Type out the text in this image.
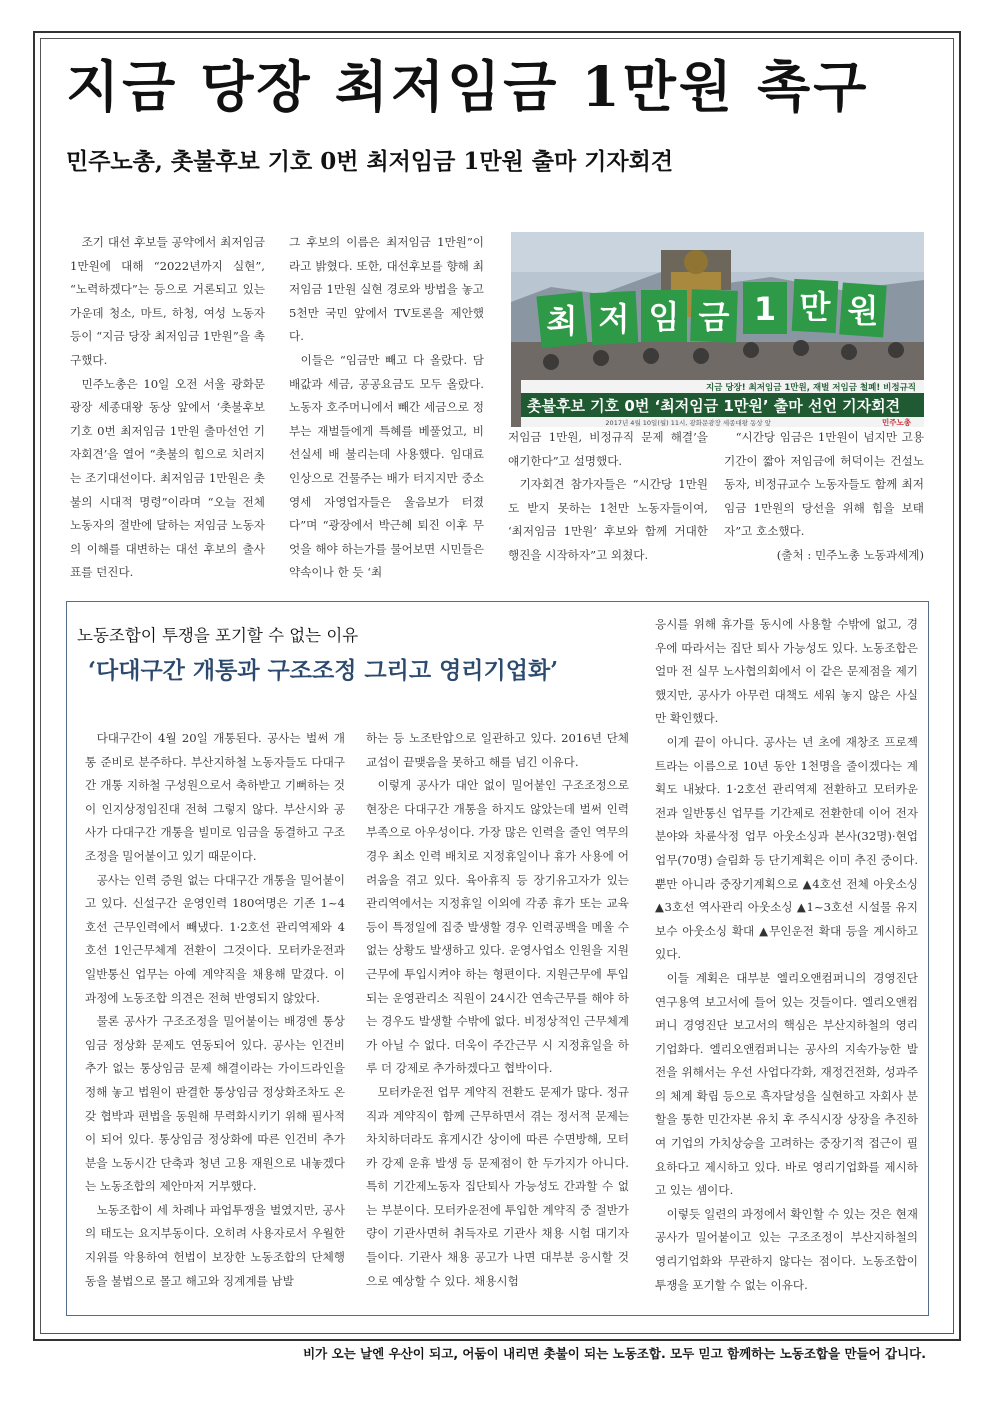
지금 당장 최저임금 1만원 촉구
민주노총, 촛불후보 기호 0번 최저임금 1만원 출마 기자회견

조기 대선 후보들 공약에서 최저임금 1만원에 대해 “2022년까지 실현”, “노력하겠다”는 등으로 거론되고 있는 가운데 청소, 마트, 하청, 여성 노동자 등이 “지금 당장 최저임금 1만원”을 촉구했다.

민주노총은 10일 오전 서울 광화문광장 세종대왕 동상 앞에서 ‘촛불후보 기호 0번 최저임금 1만원 출마선언 기자회견’을 열어 “촛불의 힘으로 치러지는 조기대선이다. 최저임금 1만원은 촛불의 시대적 명령”이라며 “오늘 전체 노동자의 절반에 달하는 저임금 노동자의 이해를 대변하는 대선 후보의 출사표를 던진다.

그 후보의 이름은 최저임금 1만원”이라고 밝혔다. 또한, 대선후보를 향해 최저임금 1만원 실현 경로와 방법을 놓고 5천만 국민 앞에서 TV토론을 제안했다.

이들은 “임금만 빼고 다 올랐다. 담배값과 세금, 공공요금도 모두 올랐다. 노동자 호주머니에서 빼간 세금으로 정부는 재벌들에게 특혜를 베풀었고, 비선실세 배 불리는데 사용했다. 임대료 인상으로 건물주는 배가 터지지만 중소영세 자영업자들은 울음보가 터졌다”며 “광장에서 박근혜 퇴진 이후 무엇을 해야 하는가를 물어보면 시민들은 약속이나 한 듯 ‘최

저임금 1만원, 비정규직 문제 해결’을 얘기한다”고 설명했다.

기자회견 참가자들은 “시간당 1만원도 받지 못하는 1천만 노동자들이여, ‘최저임금 1만원’ 후보와 함께 거대한 행진을 시작하자”고 외쳤다.

“시간당 임금은 1만원이 넘지만 고용기간이 짧아 저임금에 허덕이는 건설노동자, 비정규교수 노동자들도 함께 최저임금 1만원의 당선을 위해 힘을 보태자”고 호소했다.

(출처 : 민주노총 노동과세계)

최 저 임 금 1 만 원
지금 당장! 최저임금 1만원, 재벌 저임금 철폐! 비정규직
촛불후보 기호 0번 ‘최저임금 1만원’ 출마 선언 기자회견
2017년 4월 10일(월) 11시, 광화문광장 세종대왕 동상 앞	민주노총

노동조합이 투쟁을 포기할 수 없는 이유

‘다대구간 개통과 구조조정 그리고 영리기업화’

다대구간이 4월 20일 개통된다. 공사는 벌써 개통 준비로 분주하다. 부산지하철 노동자들도 다대구간 개통 지하철 구성원으로서 축하받고 기뻐하는 것이 인지상정임진대 전혀 그렇지 않다. 부산시와 공사가 다대구간 개통을 빌미로 임금을 동결하고 구조조정을 밀어붙이고 있기 때문이다.

공사는 인력 증원 없는 다대구간 개통을 밀어붙이고 있다. 신설구간 운영인력 180여명은 기존 1~4호선 근무인력에서 빼냈다. 1·2호선 관리역제와 4호선 1인근무체계 전환이 그것이다. 모터카운전과 일반통신 업무는 아예 계약직을 채용해 맡겼다. 이 과정에 노동조합 의견은 전혀 반영되지 않았다.

물론 공사가 구조조정을 밀어붙이는 배경엔 통상임금 정상화 문제도 연동되어 있다. 공사는 인건비 추가 없는 통상임금 문제 해결이라는 가이드라인을 정해 놓고 법원이 판결한 통상임금 정상화조차도 온갖 협박과 편법을 동원해 무력화시키기 위해 필사적이 되어 있다. 통상임금 정상화에 따른 인건비 추가분을 노동시간 단축과 청년 고용 재원으로 내놓겠다는 노동조합의 제안마저 거부했다.

노동조합이 세 차례나 파업투쟁을 벌였지만, 공사의 태도는 요지부동이다. 오히려 사용자로서 우월한 지위를 악용하여 헌법이 보장한 노동조합의 단체행동을 불법으로 몰고 해고와 징계계를 남발

하는 등 노조탄압으로 일관하고 있다. 2016년 단체교섭이 끝맺음을 못하고 해를 넘긴 이유다.

이렇게 공사가 대안 없이 밀어붙인 구조조정으로 현장은 다대구간 개통을 하지도 않았는데 벌써 인력부족으로 아우성이다. 가장 많은 인력을 줄인 역무의 경우 최소 인력 배치로 지정휴일이나 휴가 사용에 어려움을 겪고 있다. 육아휴직 등 장기유고자가 있는 관리역에서는 지정휴일 이외에 각종 휴가 또는 교육 등이 특정일에 집중 발생할 경우 인력공백을 메울 수 없는 상황도 발생하고 있다. 운영사업소 인원을 지원근무에 투입시켜야 하는 형편이다. 지원근무에 투입되는 운영관리소 직원이 24시간 연속근무를 해야 하는 경우도 발생할 수밖에 없다. 비정상적인 근무체계가 아닐 수 없다. 더욱이 주간근무 시 지정휴일을 하루 더 강제로 추가하겠다고 협박이다.

모터카운전 업무 계약직 전환도 문제가 많다. 정규직과 계약직이 함께 근무하면서 겪는 정서적 문제는 차치하더라도 휴게시간 상이에 따른 수면방해, 모터카 강제 운휴 발생 등 문제점이 한 두가지가 아니다. 특히 기간제노동자 집단퇴사 가능성도 간과할 수 없는 부분이다. 모터카운전에 투입한 계약직 중 절반가량이 기관사면허 취득자로 기관사 채용 시험 대기자들이다. 기관사 채용 공고가 나면 대부분 응시할 것으로 예상할 수 있다. 채용시험

응시를 위해 휴가를 동시에 사용할 수밖에 없고, 경우에 따라서는 집단 퇴사 가능성도 있다. 노동조합은 얼마 전 실무 노사협의회에서 이 같은 문제점을 제기했지만, 공사가 아무런 대책도 세워 놓지 않은 사실만 확인했다.

이게 끝이 아니다. 공사는 년 초에 재창조 프로젝트라는 이름으로 10년 동안 1천명을 줄이겠다는 계획도 내놨다. 1·2호선 관리역제 전환하고 모터카운전과 일반통신 업무를 기간제로 전환한데 이어 전자분야와 차륜삭정 업무 아웃소싱과 본사(32명)·현업업무(70명) 슬림화 등 단기계획은 이미 추진 중이다. 뿐만 아니라 중장기계획으로 ▲4호선 전체 아웃소싱 ▲3호선 역사관리 아웃소싱 ▲1~3호선 시설물 유지보수 아웃소싱 확대 ▲무인운전 확대 등을 계시하고 있다.

이들 계획은 대부분 엘리오앤컴퍼니의 경영진단 연구용역 보고서에 들어 있는 것들이다. 엘리오앤컴퍼니 경영진단 보고서의 핵심은 부산지하철의 영리기업화다. 엘리오앤컴퍼니는 공사의 지속가능한 발전을 위해서는 우선 사업다각화, 재정건전화, 성과주의 체계 확립 등으로 흑자달성을 실현하고 자회사 분할을 통한 민간자본 유치 후 주식시장 상장을 추진하여 기업의 가치상승을 고려하는 중장기적 접근이 필요하다고 제시하고 있다. 바로 영리기업화를 제시하고 있는 셈이다.

이렇듯 일련의 과정에서 확인할 수 있는 것은 현재 공사가 밀어붙이고 있는 구조조정이 부산지하철의 영리기업화와 무관하지 않다는 점이다. 노동조합이 투쟁을 포기할 수 없는 이유다.

비가 오는 날엔 우산이 되고, 어둠이 내리면 촛불이 되는 노동조합. 모두 믿고 함께하는 노동조합을 만들어 갑니다.
